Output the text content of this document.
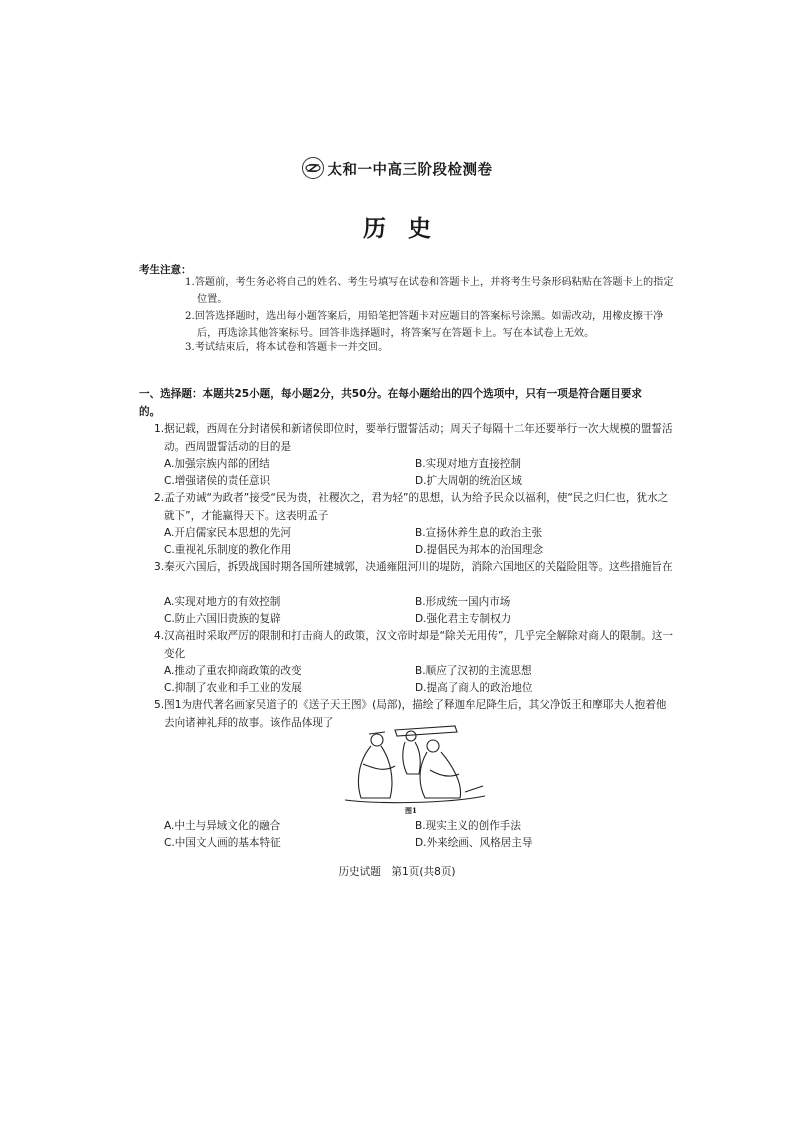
太和一中高三阶段检测卷
历史
考生注意：
1.答题前，考生务必将自己的姓名、考生号填写在试卷和答题卡上，并将考生号条形码粘贴在答题卡上的指定位置。
2.回答选择题时，选出每小题答案后，用铅笔把答题卡对应题目的答案标号涂黑。如需改动，用橡皮擦干净后，再选涂其他答案标号。回答非选择题时，将答案写在答题卡上。写在本试卷上无效。
3.考试结束后，将本试卷和答题卡一并交回。
一、选择题：本题共25小题，每小题2分，共50分。在每小题给出的四个选项中，只有一项是符合题目要求的。
1.据记载，西周在分封诸侯和新诸侯即位时，要举行盟誓活动；周天子每隔十二年还要举行一次大规模的盟誓活动。西周盟誓活动的目的是
A.加强宗族内部的团结	B.实现对地方直接控制
C.增强诸侯的责任意识	D.扩大周朝的统治区域
2.孟子劝诫“为政者”接受“民为贵，社稷次之，君为轻”的思想，认为给予民众以福利，使“民之归仁也，犹水之就下”，才能赢得天下。这表明孟子
A.开启儒家民本思想的先河	B.宣扬休养生息的政治主张
C.重视礼乐制度的教化作用	D.提倡民为邦本的治国理念
3.秦灭六国后，拆毁战国时期各国所建城郭，决通雍阻河川的堤防，消除六国地区的关隘险阻等。这些措施旨在
A.实现对地方的有效控制	B.形成统一国内市场
C.防止六国旧贵族的复辟	D.强化君主专制权力
4.汉高祖时采取严厉的限制和打击商人的政策，汉文帝时却是“除关无用传”，几乎完全解除对商人的限制。这一变化
A.推动了重农抑商政策的改变	B.顺应了汉初的主流思想
C.抑制了农业和手工业的发展	D.提高了商人的政治地位
5.图1为唐代著名画家吴道子的《送子天王图》(局部)，描绘了释迦牟尼降生后，其父净饭王和摩耶夫人抱着他去向诸神礼拜的故事。该作品体现了
图1
A.中土与异域文化的融合	B.现实主义的创作手法
C.中国文人画的基本特征	D.外来绘画、风格居主导
历史试题　第1页(共8页)
